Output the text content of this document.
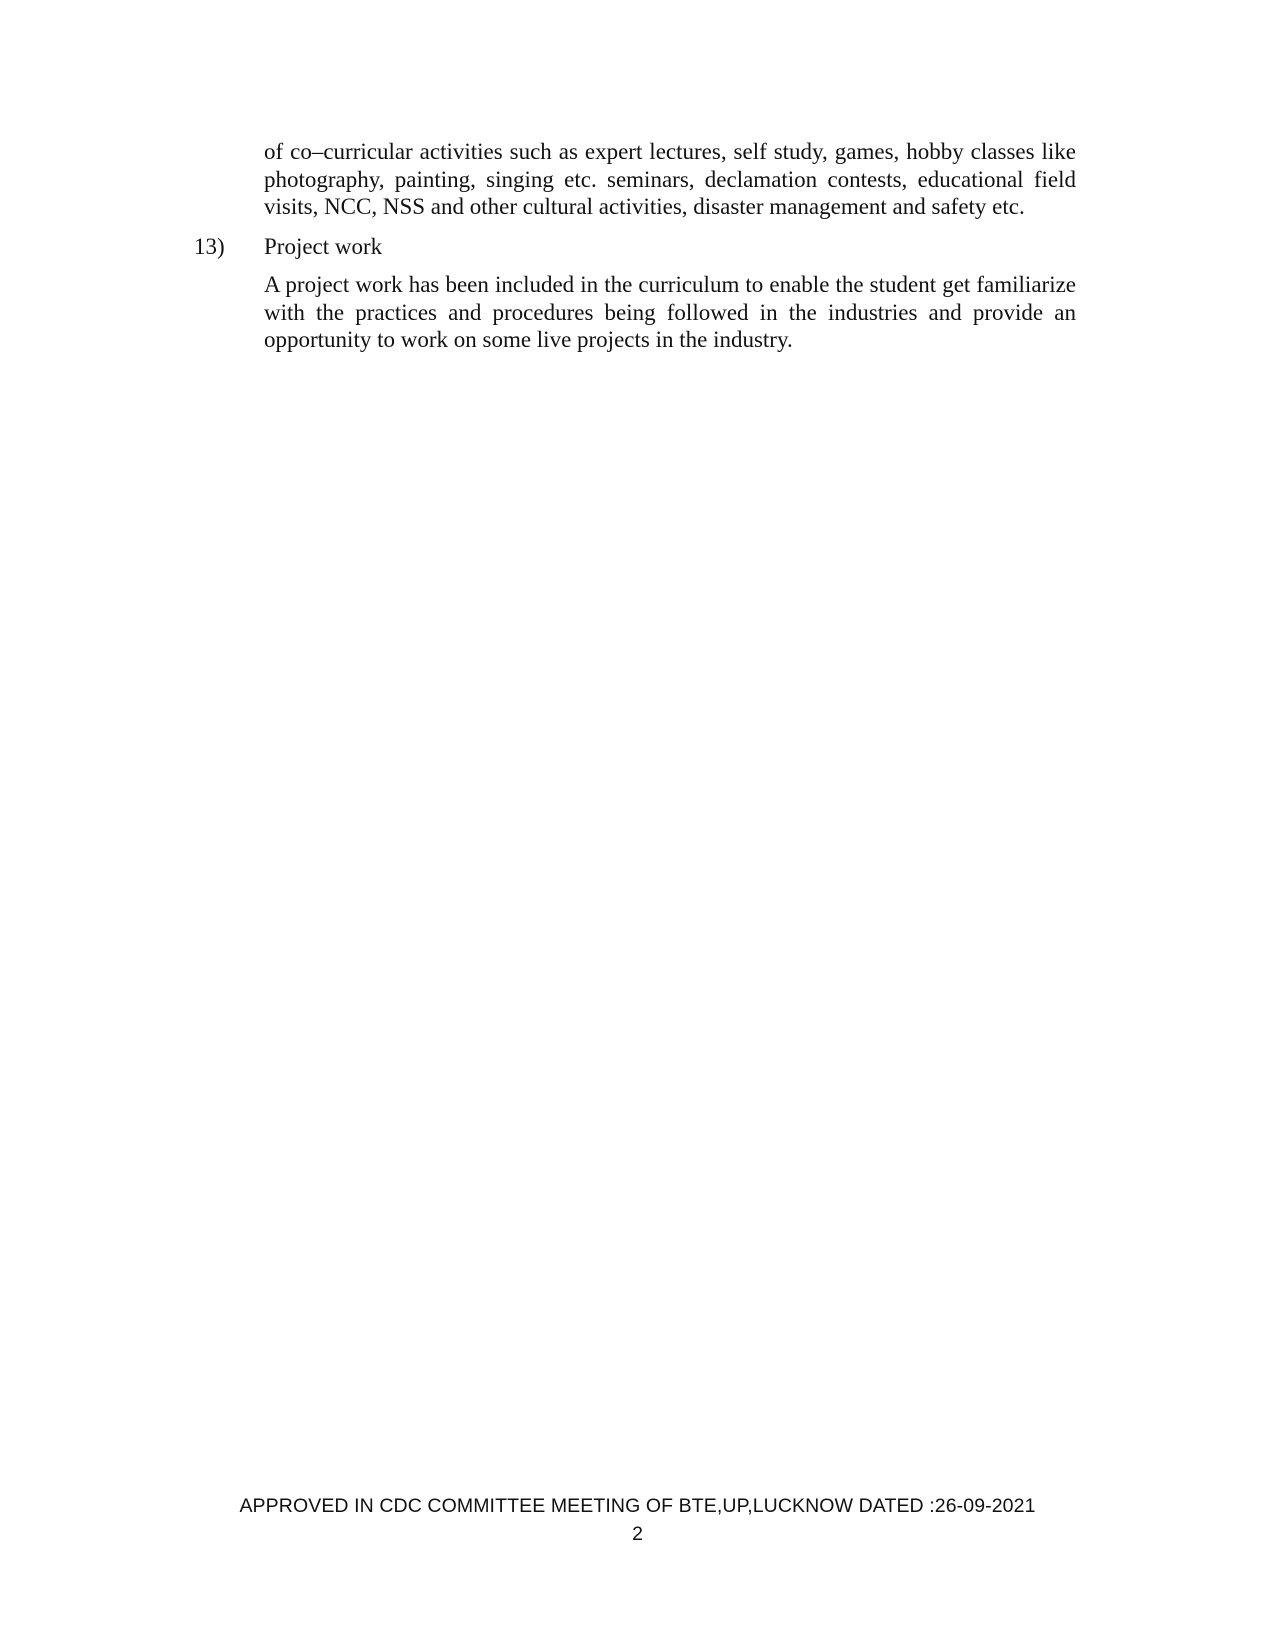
of co–curricular activities such as expert lectures, self study, games, hobby classes like photography, painting, singing etc. seminars, declamation contests, educational field visits, NCC, NSS and other cultural activities, disaster management and safety etc.

13) Project work

A project work has been included in the curriculum to enable the student get familiarize with the practices and procedures being followed in the industries and provide an opportunity to work on some live projects in the industry.

APPROVED IN CDC COMMITTEE MEETING OF BTE,UP,LUCKNOW DATED :26-09-2021
2
